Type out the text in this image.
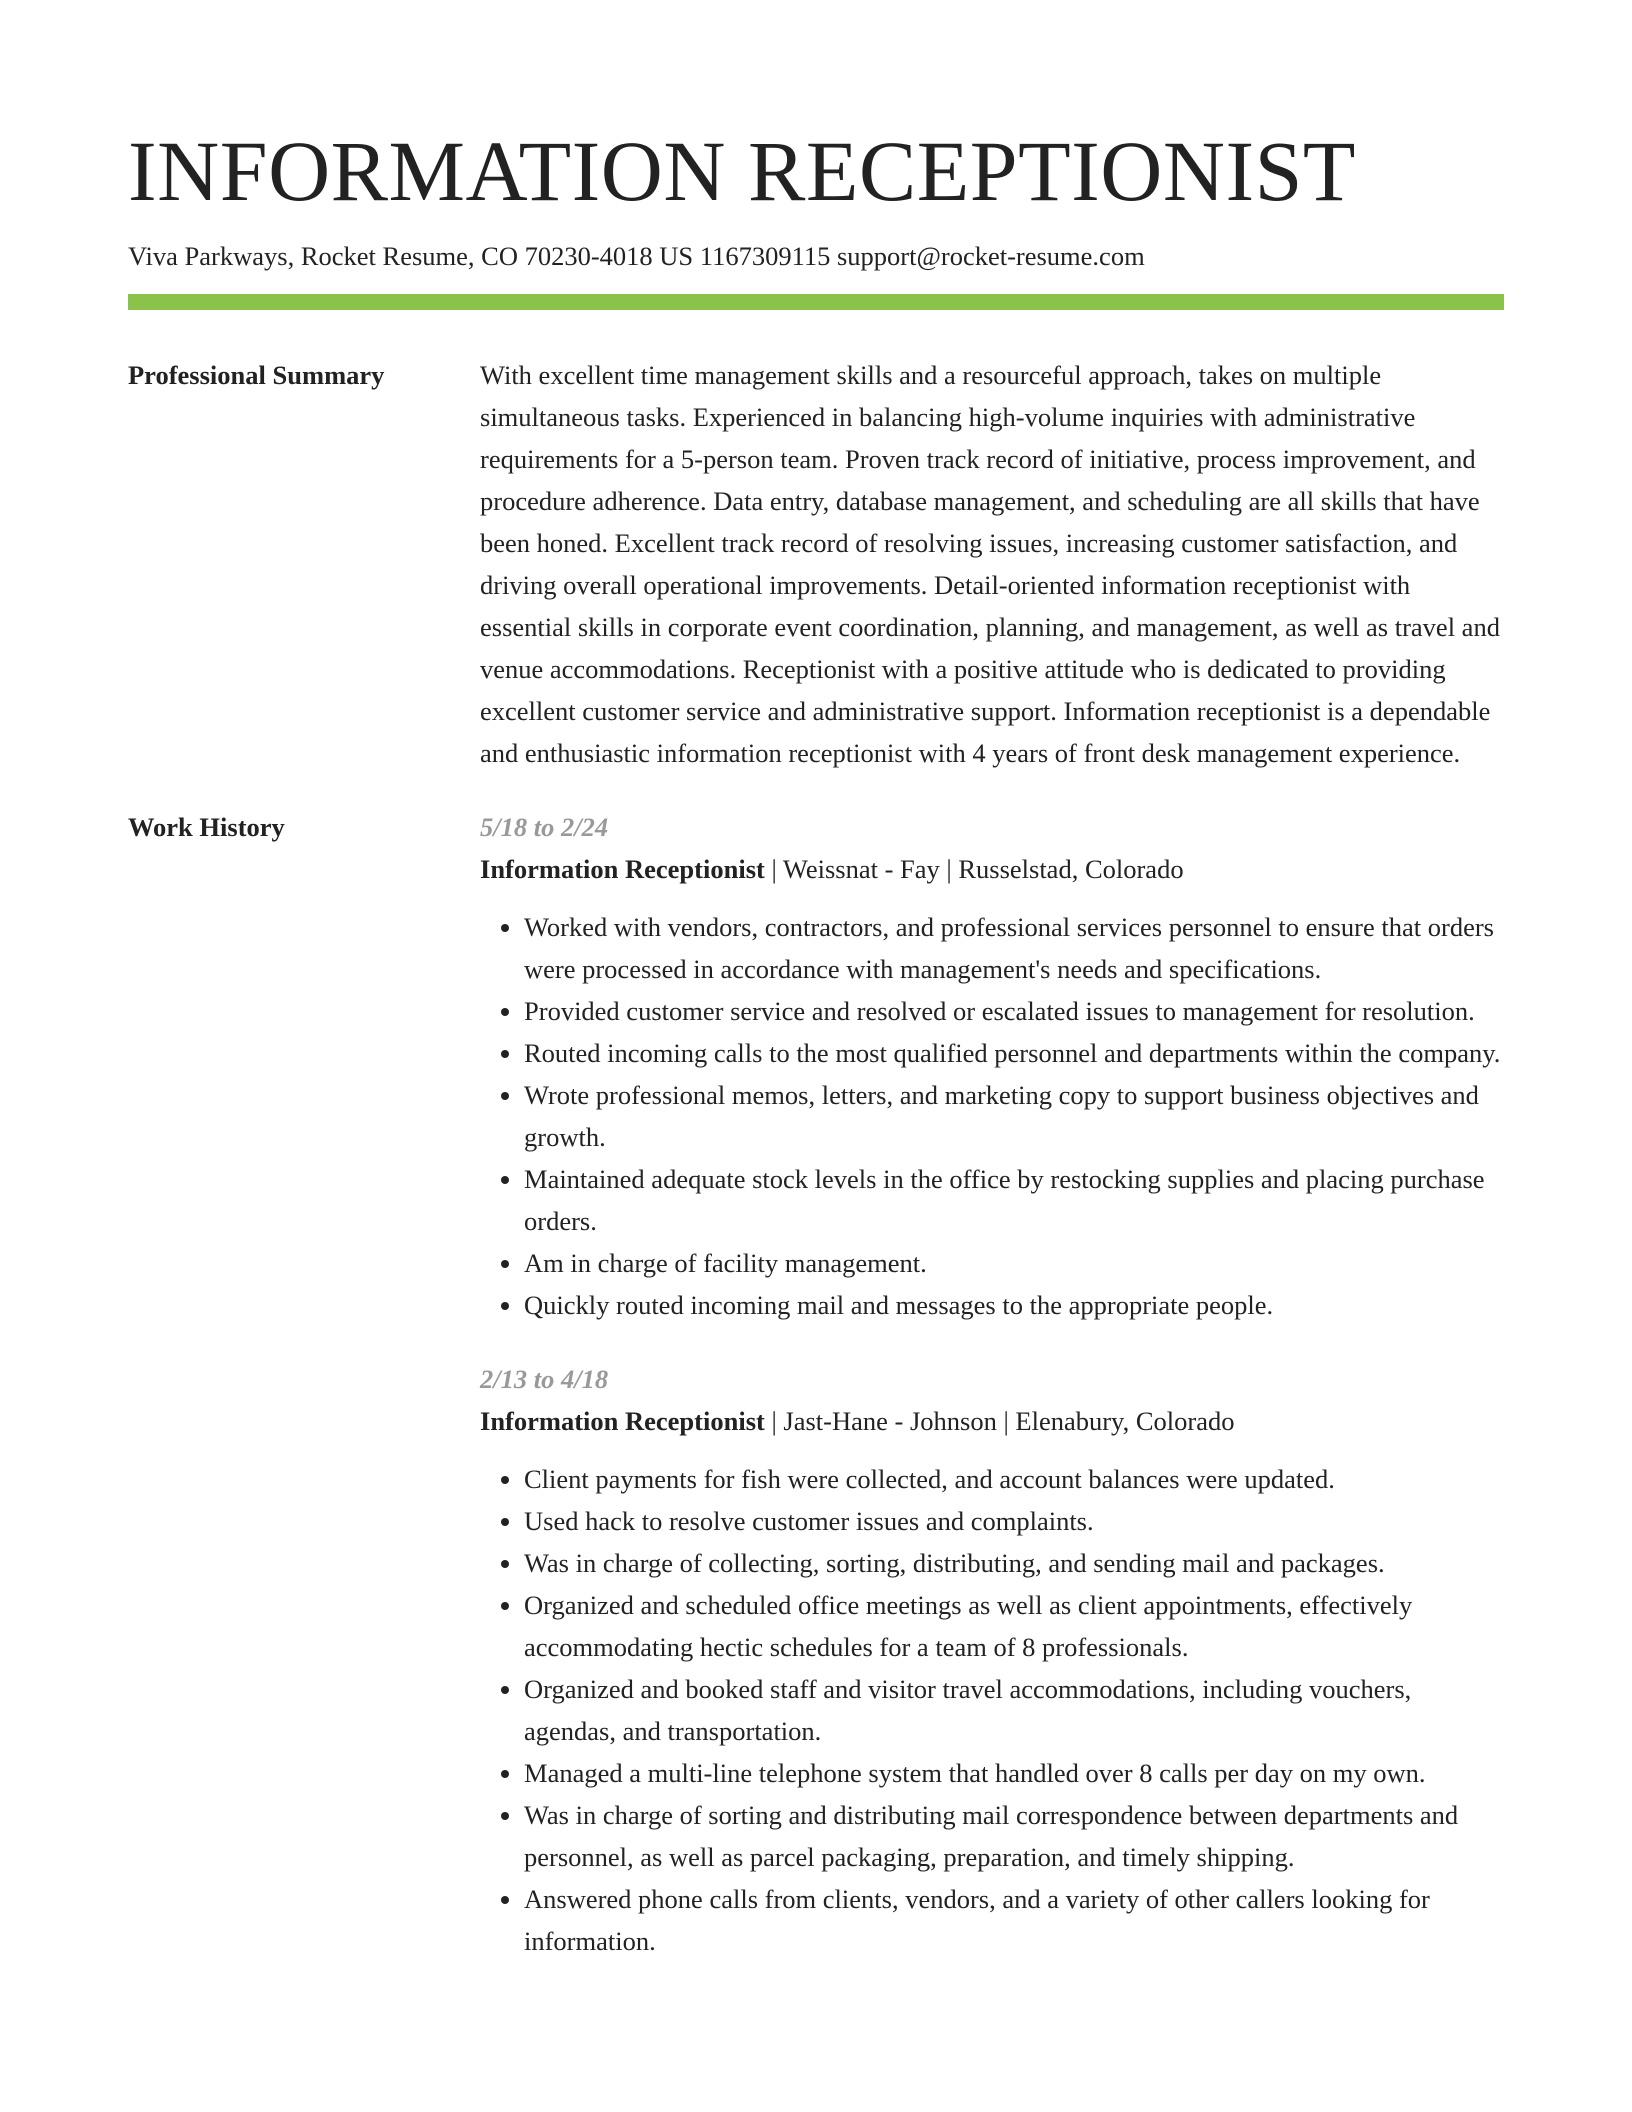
INFORMATION RECEPTIONIST
Viva Parkways, Rocket Resume, CO 70230-4018 US 1167309115 support@rocket-resume.com
Professional Summary	With excellent time management skills and a resourceful approach, takes on multiple simultaneous tasks. Experienced in balancing high-volume inquiries with administrative requirements for a 5-person team. Proven track record of initiative, process improvement, and procedure adherence. Data entry, database management, and scheduling are all skills that have been honed. Excellent track record of resolving issues, increasing customer satisfaction, and driving overall operational improvements. Detail-oriented information receptionist with essential skills in corporate event coordination, planning, and management, as well as travel and venue accommodations. Receptionist with a positive attitude who is dedicated to providing excellent customer service and administrative support. Information receptionist is a dependable and enthusiastic information receptionist with 4 years of front desk management experience.

Work History	5/18 to 2/24
Information Receptionist | Weissnat - Fay | Russelstad, Colorado
• Worked with vendors, contractors, and professional services personnel to ensure that orders were processed in accordance with management's needs and specifications.
• Provided customer service and resolved or escalated issues to management for resolution.
• Routed incoming calls to the most qualified personnel and departments within the company.
• Wrote professional memos, letters, and marketing copy to support business objectives and growth.
• Maintained adequate stock levels in the office by restocking supplies and placing purchase orders.
• Am in charge of facility management.
• Quickly routed incoming mail and messages to the appropriate people.
2/13 to 4/18
Information Receptionist | Jast-Hane - Johnson | Elenabury, Colorado
• Client payments for fish were collected, and account balances were updated.
• Used hack to resolve customer issues and complaints.
• Was in charge of collecting, sorting, distributing, and sending mail and packages.
• Organized and scheduled office meetings as well as client appointments, effectively accommodating hectic schedules for a team of 8 professionals.
• Organized and booked staff and visitor travel accommodations, including vouchers, agendas, and transportation.
• Managed a multi-line telephone system that handled over 8 calls per day on my own.
• Was in charge of sorting and distributing mail correspondence between departments and personnel, as well as parcel packaging, preparation, and timely shipping.
• Answered phone calls from clients, vendors, and a variety of other callers looking for information.
